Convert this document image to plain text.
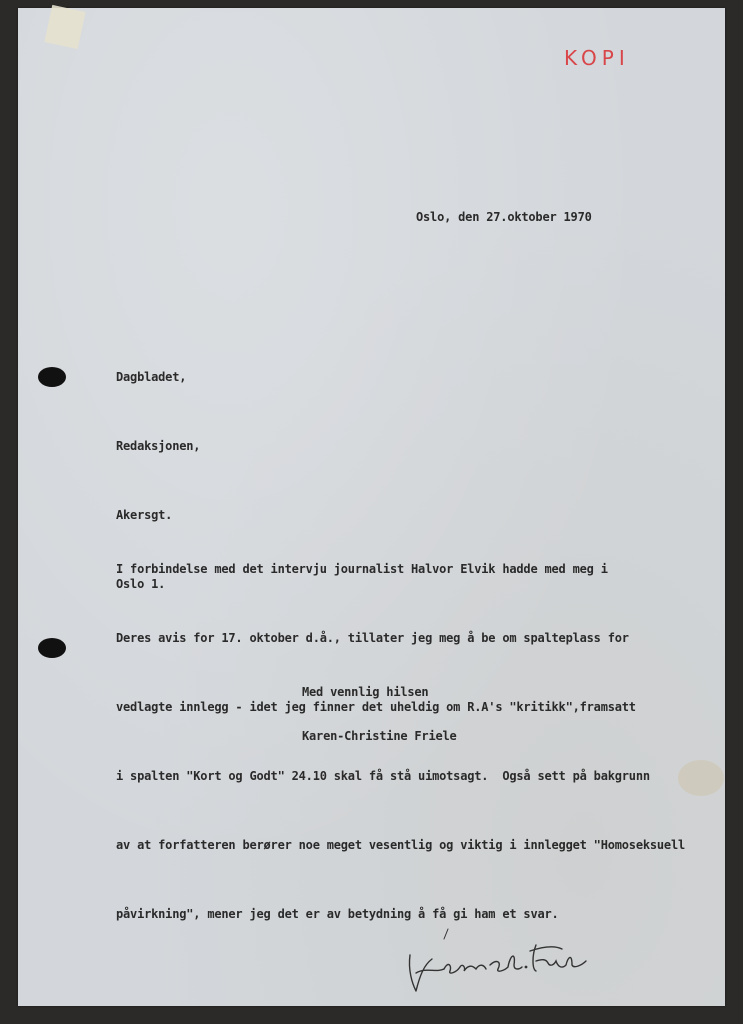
KOPI
Oslo, den 27.oktober 1970

Dagbladet,

Redaksjonen,

Akersgt.

Oslo 1.

I forbindelse med det intervju journalist Halvor Elvik hadde med meg i

Deres avis for 17. oktober d.å., tillater jeg meg å be om spalteplass for

vedlagte innlegg - idet jeg finner det uheldig om R.A's "kritikk",framsatt

i spalten "Kort og Godt" 24.10 skal få stå uimotsagt.  Også sett på bakgrunn

av at forfatteren berører noe meget vesentlig og viktig i innlegget "Homoseksuell

påvirkning", mener jeg det er av betydning å få gi ham et svar.

Med vennlig hilsen
Karen-Christine Friele
